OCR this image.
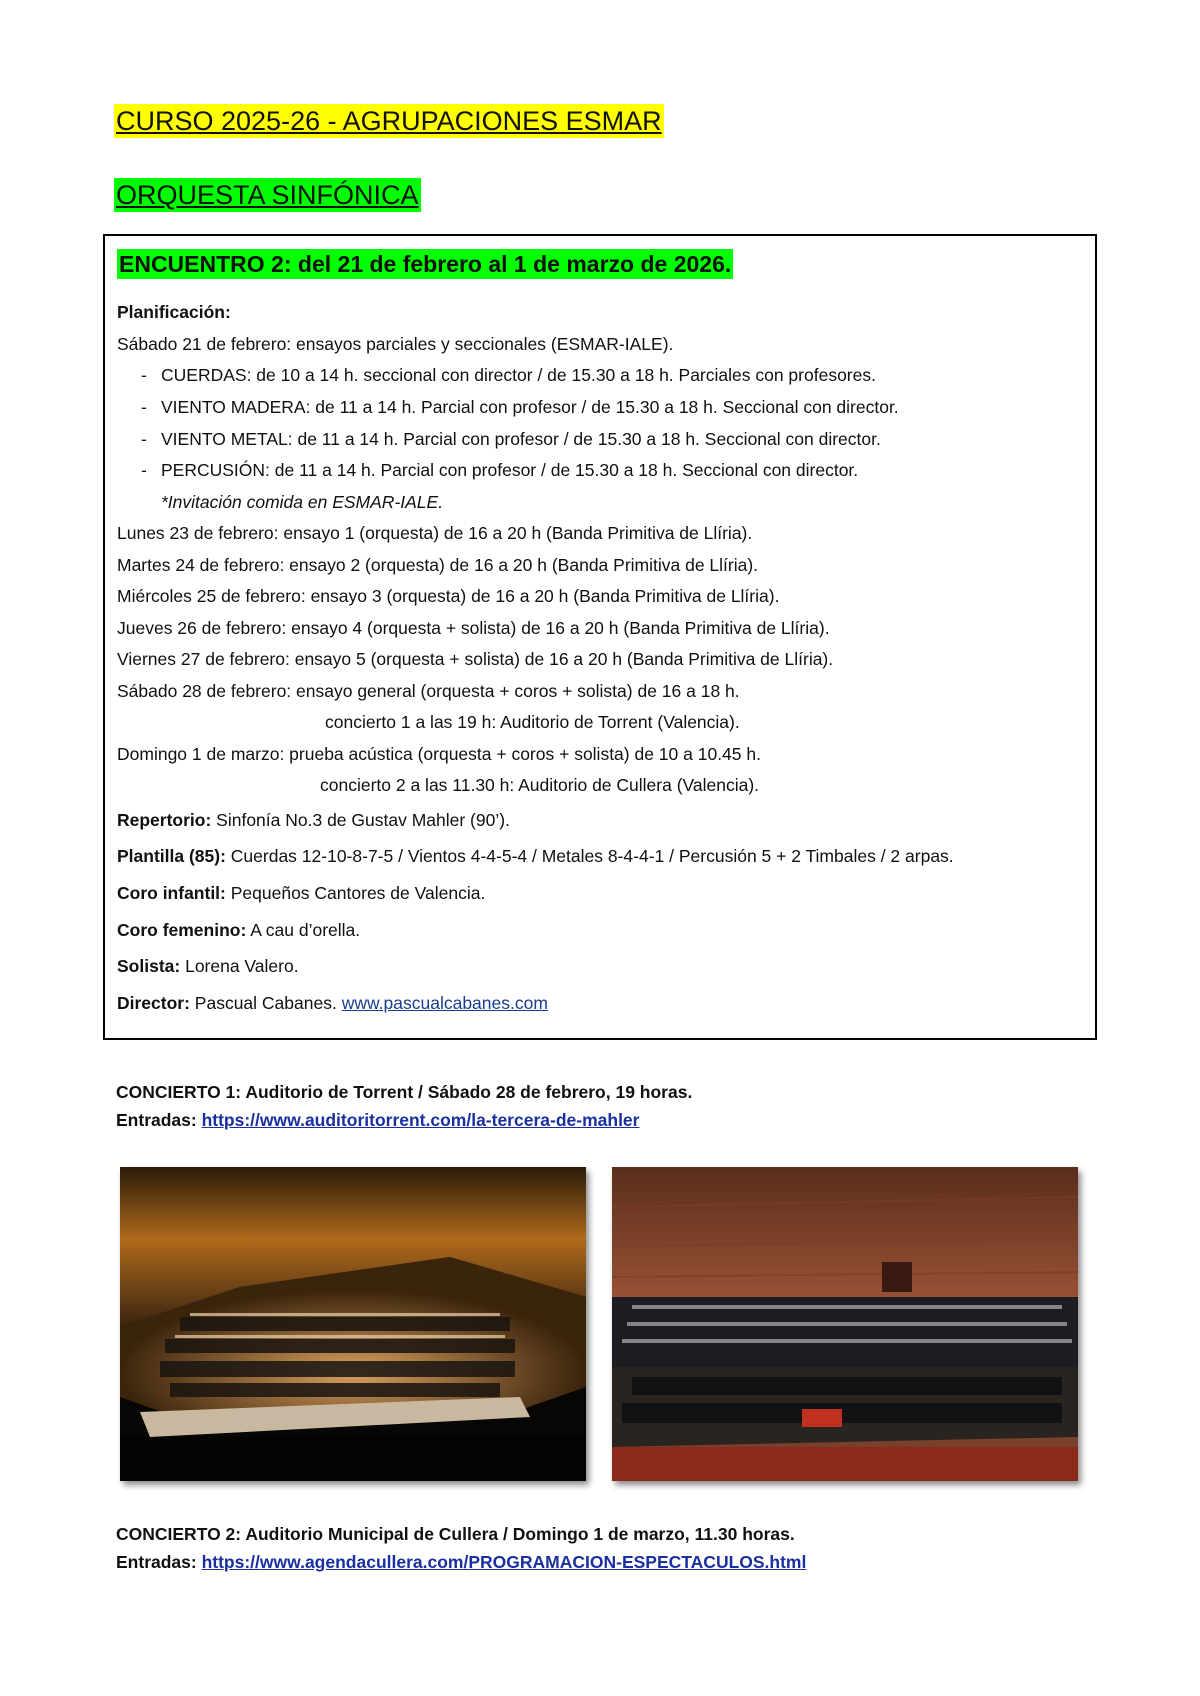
CURSO 2025-26 - AGRUPACIONES ESMAR
ORQUESTA SINFÓNICA
ENCUENTRO 2: del 21 de febrero al 1 de marzo de 2026.
Planificación:
Sábado 21 de febrero: ensayos parciales y seccionales (ESMAR-IALE).
- CUERDAS: de 10 a 14 h. seccional con director / de 15.30 a 18 h. Parciales con profesores.
- VIENTO MADERA: de 11 a 14 h. Parcial con profesor / de 15.30 a 18 h. Seccional con director.
- VIENTO METAL: de 11 a 14 h. Parcial con profesor / de 15.30 a 18 h. Seccional con director.
- PERCUSIÓN: de 11 a 14 h. Parcial con profesor / de 15.30 a 18 h. Seccional con director.
*Invitación comida en ESMAR-IALE.
Lunes 23 de febrero: ensayo 1 (orquesta) de 16 a 20 h (Banda Primitiva de Llíria).
Martes 24 de febrero: ensayo 2 (orquesta) de 16 a 20 h (Banda Primitiva de Llíria).
Miércoles 25 de febrero: ensayo 3 (orquesta) de 16 a 20 h (Banda Primitiva de Llíria).
Jueves 26 de febrero: ensayo 4 (orquesta + solista) de 16 a 20 h (Banda Primitiva de Llíria).
Viernes 27 de febrero: ensayo 5 (orquesta + solista) de 16 a 20 h (Banda Primitiva de Llíria).
Sábado 28 de febrero: ensayo general (orquesta + coros + solista) de 16 a 18 h.
concierto 1 a las 19 h: Auditorio de Torrent (Valencia).
Domingo 1 de marzo: prueba acústica (orquesta + coros + solista) de 10 a 10.45 h.
concierto 2 a las 11.30 h: Auditorio de Cullera (Valencia).
Repertorio: Sinfonía No.3 de Gustav Mahler (90’).
Plantilla (85): Cuerdas 12-10-8-7-5 / Vientos 4-4-5-4 / Metales 8-4-4-1 / Percusión 5 + 2 Timbales / 2 arpas.
Coro infantil: Pequeños Cantores de Valencia.
Coro femenino: A cau d’orella.
Solista: Lorena Valero.
Director: Pascual Cabanes. www.pascualcabanes.com
CONCIERTO 1: Auditorio de Torrent / Sábado 28 de febrero, 19 horas.
Entradas: https://www.auditoritorrent.com/la-tercera-de-mahler
CONCIERTO 2: Auditorio Municipal de Cullera / Domingo 1 de marzo, 11.30 horas.
Entradas: https://www.agendacullera.com/PROGRAMACION-ESPECTACULOS.html
